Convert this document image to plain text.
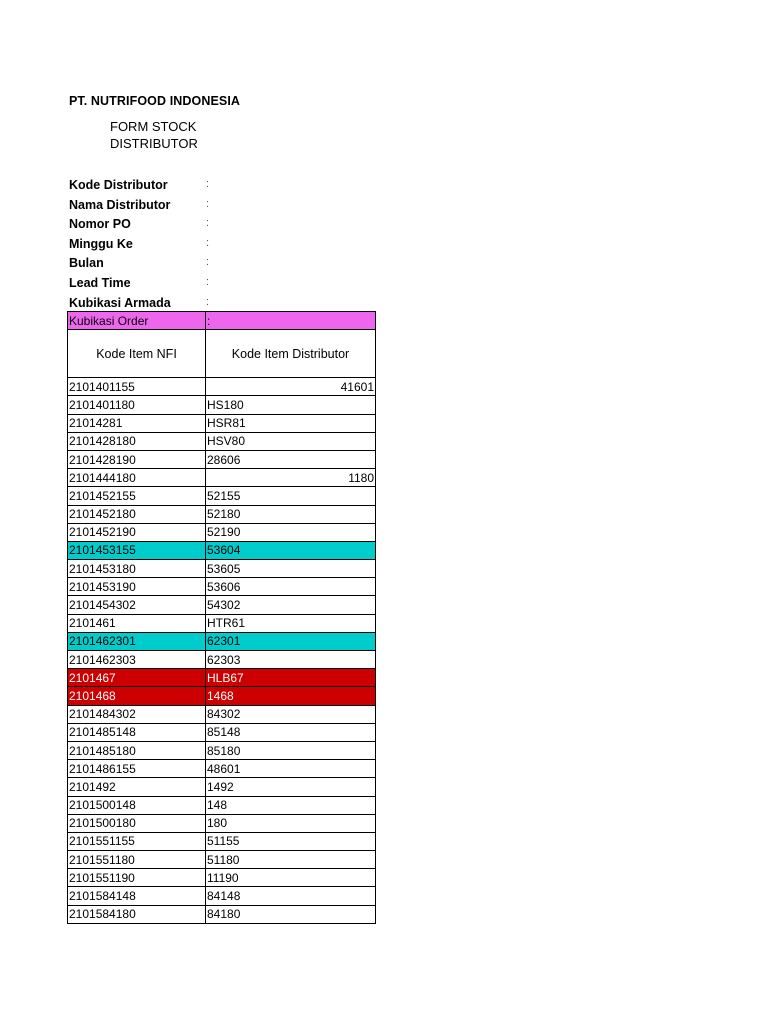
PT. NUTRIFOOD INDONESIA
FORM STOCK
DISTRIBUTOR
Kode Distributor	:
Nama Distributor	:
Nomor PO	:
Minggu Ke	:
Bulan	:
Lead Time	:
Kubikasi Armada	:
Kubikasi Order	:
Kode Item NFI	Kode Item Distributor
2101401155	41601
2101401180	HS180
21014281	HSR81
2101428180	HSV80
2101428190	28606
2101444180	1180
2101452155	52155
2101452180	52180
2101452190	52190
2101453155	53604
2101453180	53605
2101453190	53606
2101454302	54302
2101461	HTR61
2101462301	62301
2101462303	62303
2101467	HLB67
2101468	1468
2101484302	84302
2101485148	85148
2101485180	85180
2101486155	48601
2101492	1492
2101500148	148
2101500180	180
2101551155	51155
2101551180	51180
2101551190	11190
2101584148	84148
2101584180	84180
